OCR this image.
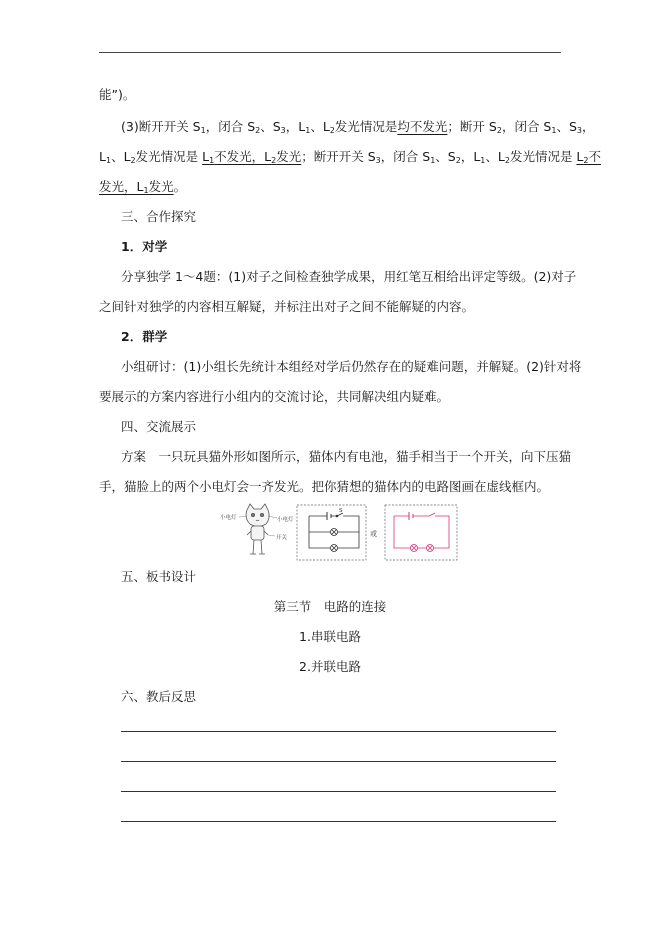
能”)。
(3)断开开关 $S_1$，闭合 $S_2$、$S_3$，$L_1$、$L_2$发光情况是均不发光；断开 $S_2$，闭合 $S_1$、$S_3$，
$L_1$、$L_2$发光情况是 $L_1$不发光，$L_2$发光；断开开关 $S_3$，闭合 $S_1$、$S_2$，$L_1$、$L_2$发光情况是 $L_2$不
发光，$L_1$发光。
三、合作探究
1．对学
分享独学 1～4题：(1)对子之间检查独学成果，用红笔互相给出评定等级。(2)对子
之间针对独学的内容相互解疑，并标注出对子之间不能解疑的内容。
2．群学
小组研讨：(1)小组长先统计本组经对学后仍然存在的疑难问题，并解疑。(2)针对将
要展示的方案内容进行小组内的交流讨论，共同解决组内疑难。
四、交流展示
方案　一只玩具猫外形如图所示，猫体内有电池，猫手相当于一个开关，向下压猫
手，猫脸上的两个小电灯会一齐发光。把你猜想的猫体内的电路图画在虚线框内。
小电灯	小电灯
开关
S
或
五、板书设计
第三节　电路的连接
1.串联电路
2.并联电路
六、教后反思
